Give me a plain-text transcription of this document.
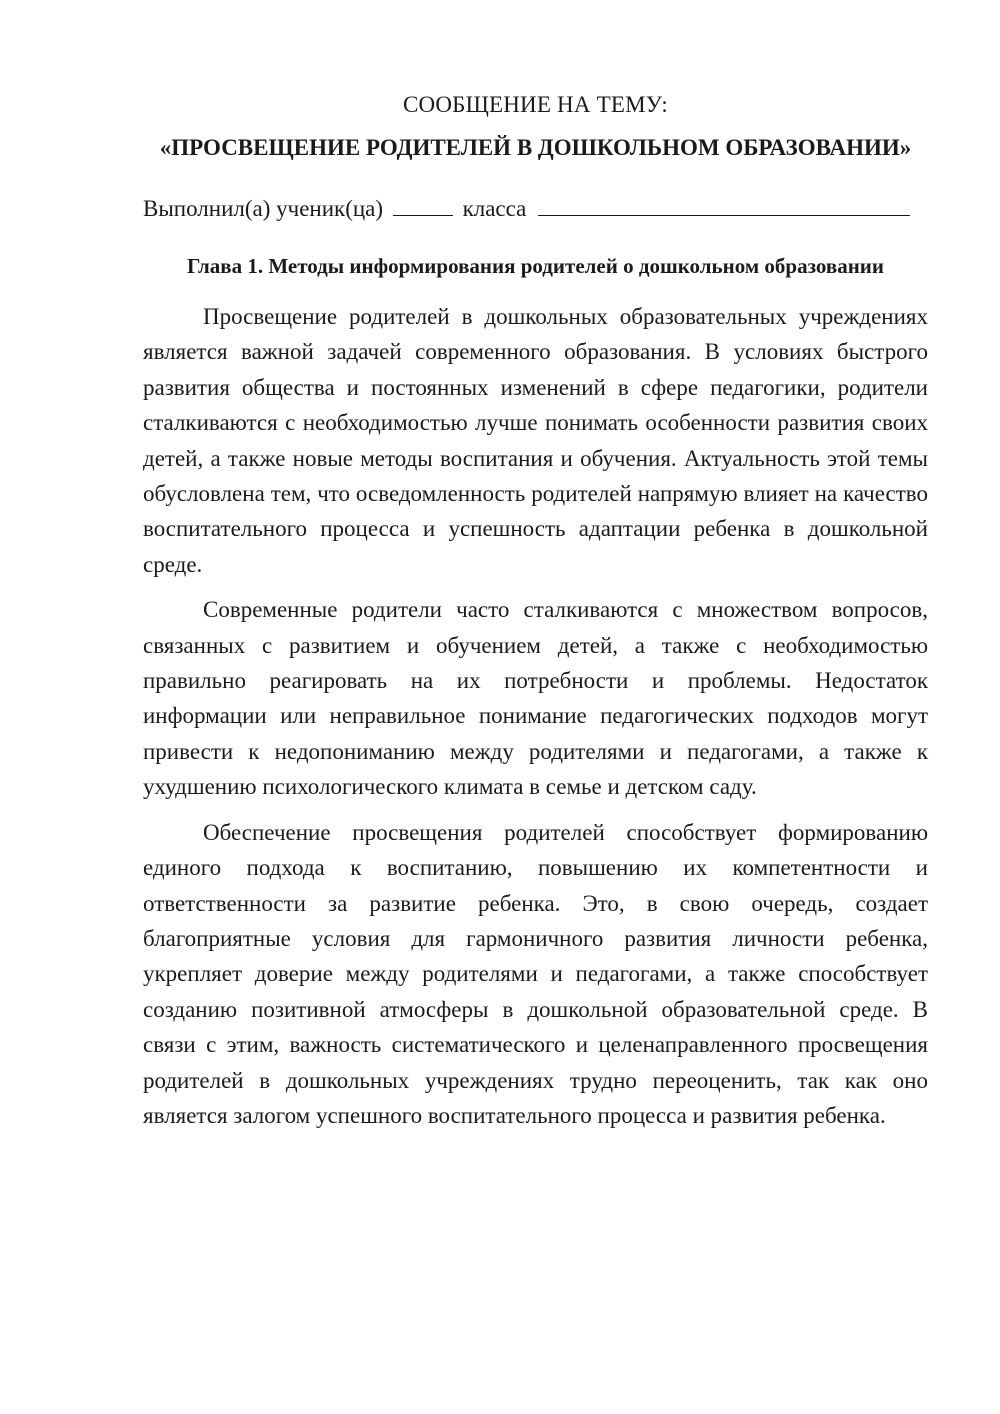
СООБЩЕНИЕ НА ТЕМУ:
«ПРОСВЕЩЕНИЕ РОДИТЕЛЕЙ В ДОШКОЛЬНОМ ОБРАЗОВАНИИ»
Выполнил(а) ученик(ца)	класса
Глава 1. Методы информирования родителей о дошкольном образовании

Просвещение родителей в дошкольных образовательных учреждениях является важной задачей современного образования. В условиях быстрого развития общества и постоянных изменений в сфере педагогики, родители сталкиваются с необходимостью лучше понимать особенности развития своих детей, а также новые методы воспитания и обучения. Актуальность этой темы обусловлена тем, что осведомленность родителей напрямую влияет на качество воспитательного процесса и успешность адаптации ребенка в дошкольной среде.

Современные родители часто сталкиваются с множеством вопросов, связанных с развитием и обучением детей, а также с необходимостью правильно реагировать на их потребности и проблемы. Недостаток информации или неправильное понимание педагогических подходов могут привести к недопониманию между родителями и педагогами, а также к ухудшению психологического климата в семье и детском саду.

Обеспечение просвещения родителей способствует формированию единого подхода к воспитанию, повышению их компетентности и ответственности за развитие ребенка. Это, в свою очередь, создает благоприятные условия для гармоничного развития личности ребенка, укрепляет доверие между родителями и педагогами, а также способствует созданию позитивной атмосферы в дошкольной образовательной среде. В связи с этим, важность систематического и целенаправленного просвещения родителей в дошкольных учреждениях трудно переоценить, так как оно является залогом успешного воспитательного процесса и развития ребенка.
